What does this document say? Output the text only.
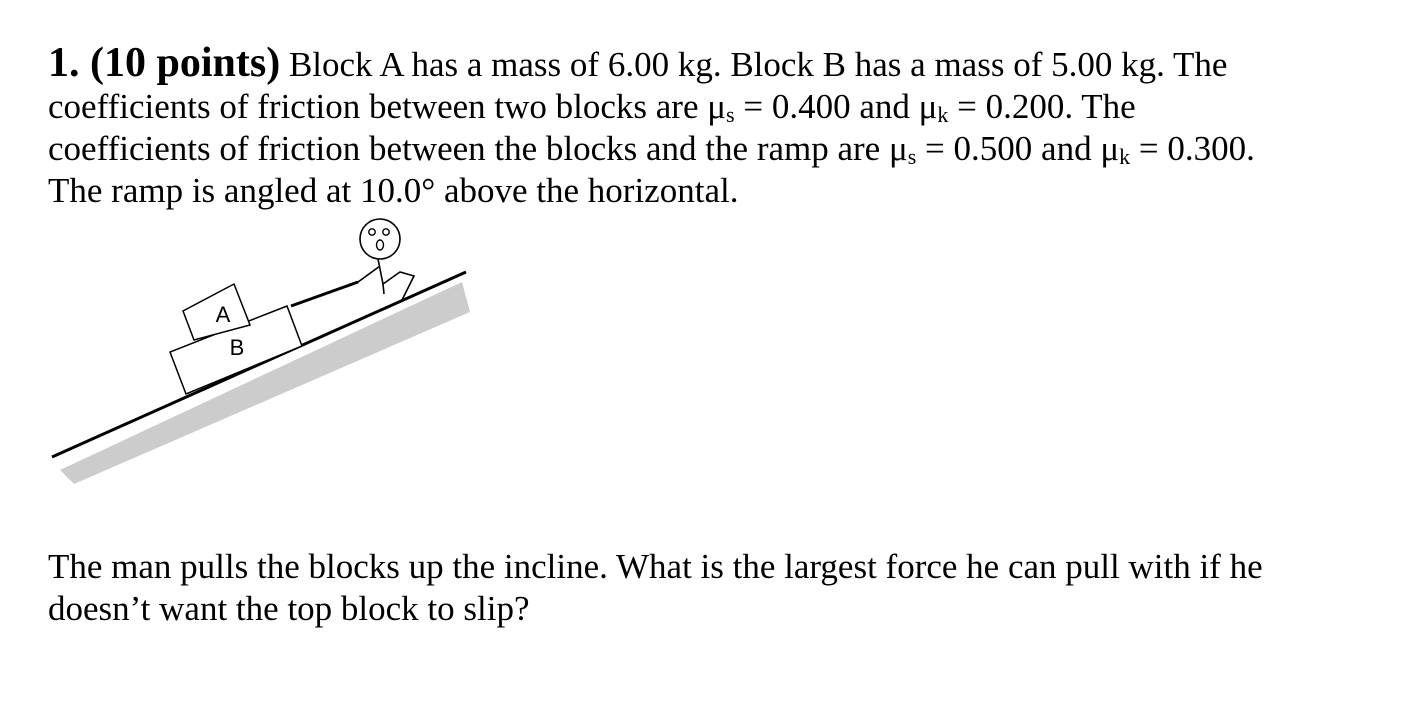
1. (10 points) Block A has a mass of 6.00 kg. Block B has a mass of 5.00 kg. The
coefficients of friction between two blocks are $\mu_s = 0.400$ and $\mu_k = 0.200$. The
coefficients of friction between the blocks and the ramp are $\mu_s = 0.500$ and $\mu_k = 0.300$.
The ramp is angled at 10.0° above the horizontal.
A
B
The man pulls the blocks up the incline. What is the largest force he can pull with if he
doesn’t want the top block to slip?
